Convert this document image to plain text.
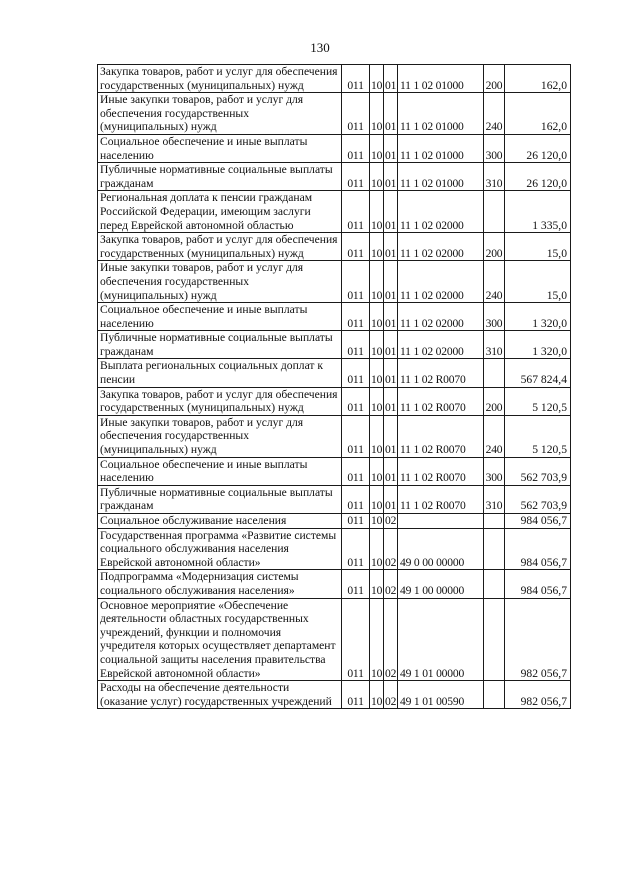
130
Закупка товаров, работ и услуг для обеспечения государственных (муниципальных) нужд	011	10	01	11 1 02 01000	200	162,0
Иные закупки товаров, работ и услуг для обеспечения государственных (муниципальных) нужд	011	10	01	11 1 02 01000	240	162,0
Социальное обеспечение и иные выплаты населению	011	10	01	11 1 02 01000	300	26 120,0
Публичные нормативные социальные выплаты гражданам	011	10	01	11 1 02 01000	310	26 120,0
Региональная доплата к пенсии гражданам Российской Федерации, имеющим заслуги перед Еврейской автономной областью	011	10	01	11 1 02 02000		1 335,0
Закупка товаров, работ и услуг для обеспечения государственных (муниципальных) нужд	011	10	01	11 1 02 02000	200	15,0
Иные закупки товаров, работ и услуг для обеспечения государственных (муниципальных) нужд	011	10	01	11 1 02 02000	240	15,0
Социальное обеспечение и иные выплаты населению	011	10	01	11 1 02 02000	300	1 320,0
Публичные нормативные социальные выплаты гражданам	011	10	01	11 1 02 02000	310	1 320,0
Выплата региональных социальных доплат к пенсии	011	10	01	11 1 02 R0070		567 824,4
Закупка товаров, работ и услуг для обеспечения государственных (муниципальных) нужд	011	10	01	11 1 02 R0070	200	5 120,5
Иные закупки товаров, работ и услуг для обеспечения государственных (муниципальных) нужд	011	10	01	11 1 02 R0070	240	5 120,5
Социальное обеспечение и иные выплаты населению	011	10	01	11 1 02 R0070	300	562 703,9
Публичные нормативные социальные выплаты гражданам	011	10	01	11 1 02 R0070	310	562 703,9
Социальное обслуживание населения	011	10	02			984 056,7
Государственная программа «Развитие системы социального обслуживания населения Еврейской автономной области»	011	10	02	49 0 00 00000		984 056,7
Подпрограмма «Модернизация системы социального обслуживания населения»	011	10	02	49 1 00 00000		984 056,7
Основное мероприятие «Обеспечение деятельности областных государственных учреждений, функции и полномочия учредителя которых осуществляет департамент социальной защиты населения правительства Еврейской автономной области»	011	10	02	49 1 01 00000		982 056,7
Расходы на обеспечение деятельности (оказание услуг) государственных учреждений	011	10	02	49 1 01 00590		982 056,7
